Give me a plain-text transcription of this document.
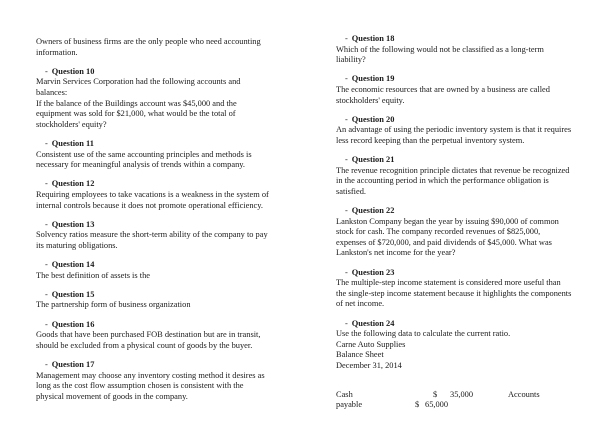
Owners of business firms are the only people who need accounting
information.
- Question 10
Marvin Services Corporation had the following accounts and
balances:
If the balance of the Buildings account was $45,000 and the
equipment was sold for $21,000, what would be the total of
stockholders' equity?
- Question 11
Consistent use of the same accounting principles and methods is
necessary for meaningful analysis of trends within a company.
- Question 12
Requiring employees to take vacations is a weakness in the system of
internal controls because it does not promote operational efficiency.
- Question 13
Solvency ratios measure the short-term ability of the company to pay
its maturing obligations.
- Question 14
The best definition of assets is the
- Question 15
The partnership form of business organization
- Question 16
Goods that have been purchased FOB destination but are in transit,
should be excluded from a physical count of goods by the buyer.
- Question 17
Management may choose any inventory costing method it desires as
long as the cost flow assumption chosen is consistent with the
physical movement of goods in the company.
- Question 18
Which of the following would not be classified as a long-term
liability?
- Question 19
The economic resources that are owned by a business are called
stockholders' equity.
- Question 20
An advantage of using the periodic inventory system is that it requires
less record keeping than the perpetual inventory system.
- Question 21
The revenue recognition principle dictates that revenue be recognized
in the accounting period in which the performance obligation is
satisfied.
- Question 22
Lankston Company began the year by issuing $90,000 of common
stock for cash. The company recorded revenues of $825,000,
expenses of $720,000, and paid dividends of $45,000. What was
Lankston's net income for the year?
- Question 23
The multiple-step income statement is considered more useful than
the single-step income statement because it highlights the components
of net income.
- Question 24
Use the following data to calculate the current ratio.
Carne Auto Supplies
Balance Sheet
December 31, 2014
Cash	$ 35,000	Accounts
payable	$ 65,000
